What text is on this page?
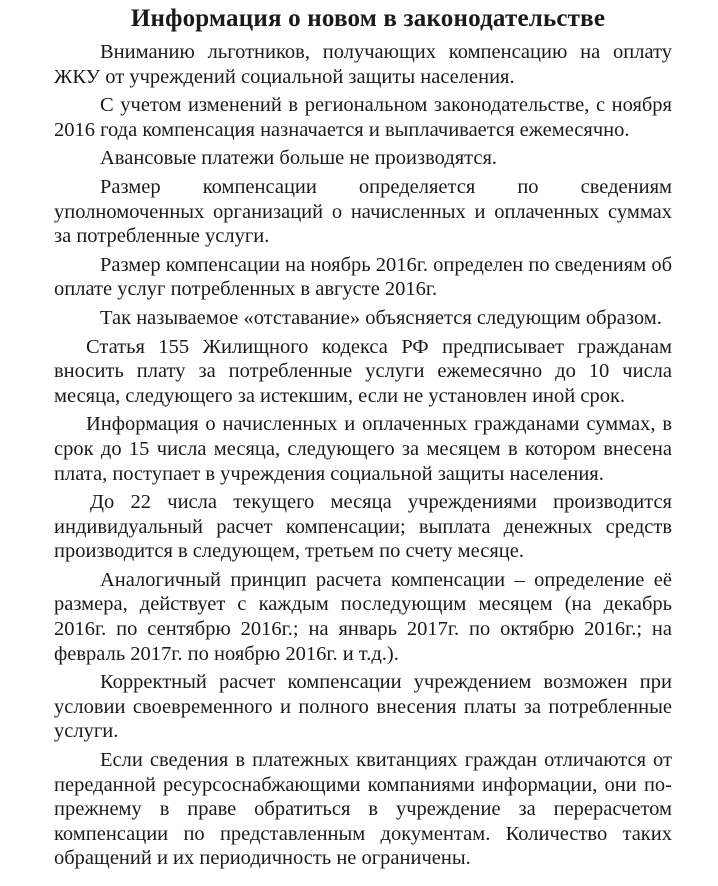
Информация о новом в законодательстве

Вниманию льготников, получающих компенсацию на оплату ЖКУ от учреждений социальной защиты населения.

С учетом изменений в региональном законодательстве, с ноября 2016 года компенсация назначается и выплачивается ежемесячно.

Авансовые платежи больше не производятся.

Размер компенсации определяется по сведениям уполномоченных организаций о начисленных и оплаченных суммах за потребленные услуги.

Размер компенсации на ноябрь 2016г. определен по сведениям об оплате услуг потребленных в августе 2016г.

Так называемое «отставание» объясняется следующим образом.

Статья 155 Жилищного кодекса РФ предписывает гражданам вносить плату за потребленные услуги ежемесячно до 10 числа месяца, следующего за истекшим, если не установлен иной срок.

Информация о начисленных и оплаченных гражданами суммах, в срок до 15 числа месяца, следующего за месяцем в котором внесена плата, поступает в учреждения социальной защиты населения.

До 22 числа текущего месяца учреждениями производится индивидуальный расчет компенсации; выплата денежных средств производится в следующем, третьем по счету месяце.

Аналогичный принцип расчета компенсации – определение её размера, действует с каждым последующим месяцем (на декабрь 2016г. по сентябрю 2016г.; на январь 2017г. по октябрю 2016г.; на февраль 2017г. по ноябрю 2016г. и т.д.).

Корректный расчет компенсации учреждением возможен при условии своевременного и полного внесения платы за потребленные услуги.

Если сведения в платежных квитанциях граждан отличаются от переданной ресурсоснабжающими компаниями информации, они по-прежнему в праве обратиться в учреждение за перерасчетом компенсации по представленным документам. Количество таких обращений и их периодичность не ограничены.
